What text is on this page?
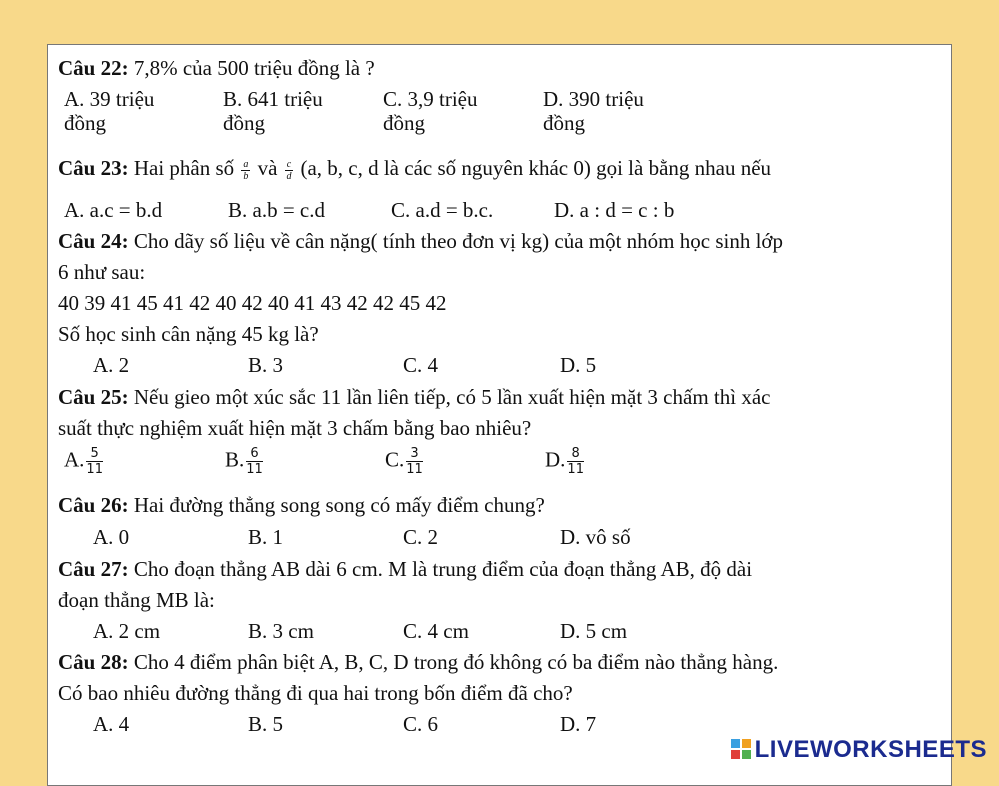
Câu 22: 7,8% của 500 triệu đồng là ?
A. 39 triệu
đồng
B. 641 triệu
đồng
C. 3,9 triệu
đồng
D. 390 triệu
đồng
Câu 23: Hai phân số $\frac{a}{b}$ và $\frac{c}{d} (a$, b, c, d là các số nguyên khác 0) gọi là bằng nhau nếu
A. a.c = b.d	B. a.b = c.d	C. a.d = b.c.	D. a : d = c : b
Câu 24: Cho dãy số liệu về cân nặng( tính theo đơn vị kg) của một nhóm học sinh lớp
6 như sau:
40 39 41 45 41 42 40 42 40 41 43 42 42 45 42
Số học sinh cân nặng 45 kg là?
A. 2	B. 3	C. 4	D. 5
Câu 25: Nếu gieo một xúc sắc 11 lần liên tiếp, có 5 lần xuất hiện mặt 3 chấm thì xác
suất thực nghiệm xuất hiện mặt 3 chấm bằng bao nhiêu?
A. $\frac{5}{11}$	B. $\frac{6}{11}$	C. $\frac{3}{11}$	D. $\frac{8}{11}$
Câu 26: Hai đường thẳng song song có mấy điểm chung?
A. 0	B. 1	C. 2	D. vô số
Câu 27: Cho đoạn thẳng AB dài 6 cm. M là trung điểm của đoạn thẳng AB, độ dài
đoạn thẳng MB là:
A. 2 cm	B. 3 cm	C. 4 cm	D. 5 cm
Câu 28: Cho 4 điểm phân biệt A, B, C, D trong đó không có ba điểm nào thẳng hàng.
Có bao nhiêu đường thẳng đi qua hai trong bốn điểm đã cho?
A. 4	B. 5	C. 6	D. 7
LIVEWORKSHEETS
